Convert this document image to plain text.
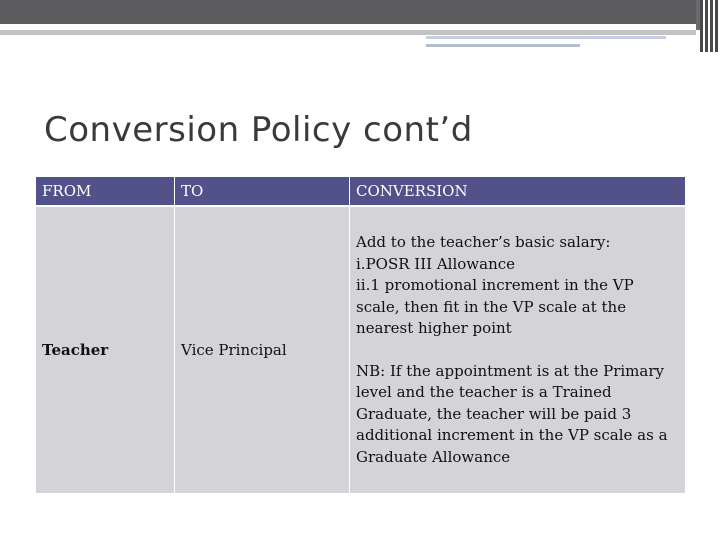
Conversion Policy cont’d
FROM	TO	CONVERSION
Teacher	Vice Principal	Add to the teacher’s basic salary:
i.POSR III Allowance
ii.1 promotional increment in the VP scale, then fit in the VP scale at the nearest higher point
NB: If the appointment is at the Primary level and the teacher is a Trained Graduate, the teacher will be paid 3 additional increment in the VP scale as a Graduate Allowance
